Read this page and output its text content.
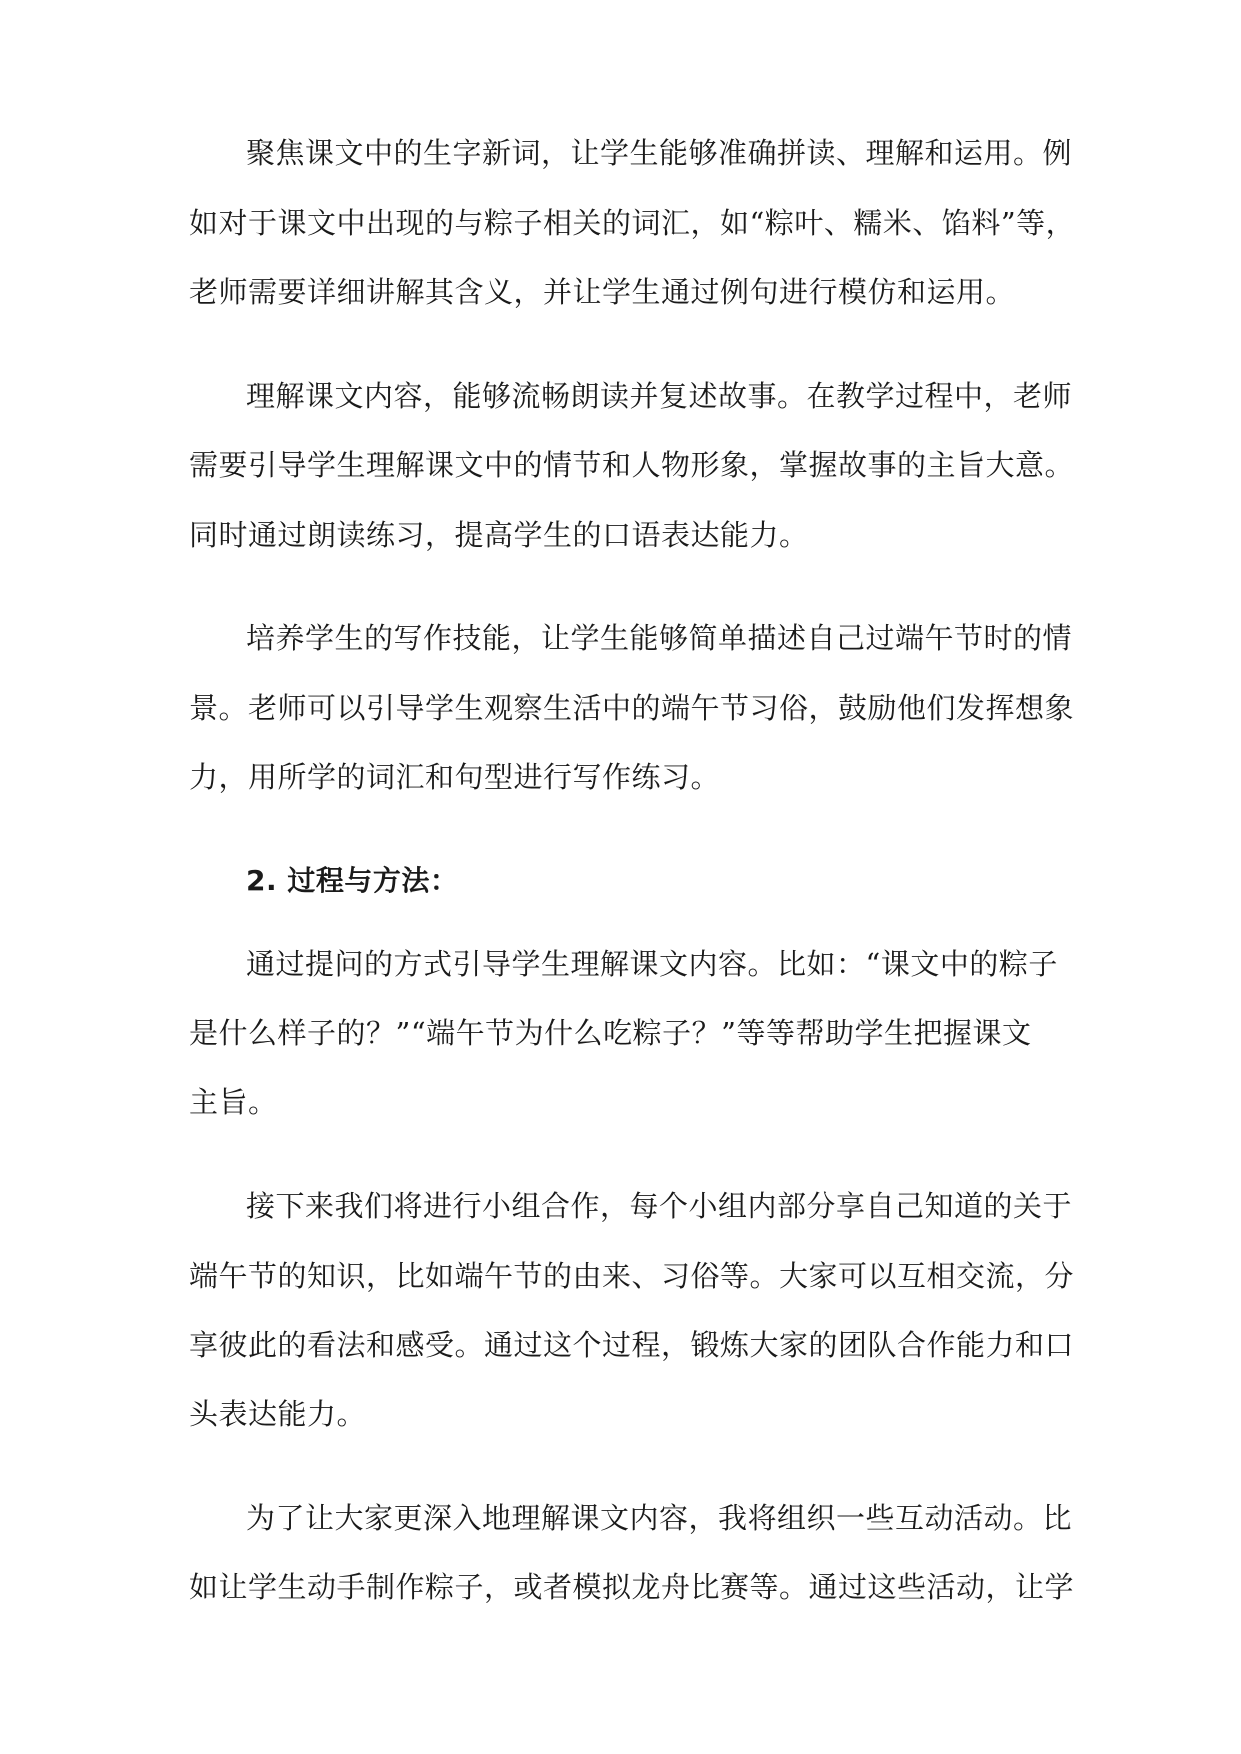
聚焦课文中的生字新词，让学生能够准确拼读、理解和运用。例
如对于课文中出现的与粽子相关的词汇，如“粽叶、糯米、馅料”等，
老师需要详细讲解其含义，并让学生通过例句进行模仿和运用。
理解课文内容，能够流畅朗读并复述故事。在教学过程中，老师
需要引导学生理解课文中的情节和人物形象，掌握故事的主旨大意。
同时通过朗读练习，提高学生的口语表达能力。
培养学生的写作技能，让学生能够简单描述自己过端午节时的情
景。老师可以引导学生观察生活中的端午节习俗，鼓励他们发挥想象
力，用所学的词汇和句型进行写作练习。
2. 过程与方法：
通过提问的方式引导学生理解课文内容。比如：“课文中的粽子
是什么样子的？”“端午节为什么吃粽子？”等等帮助学生把握课文
主旨。
接下来我们将进行小组合作，每个小组内部分享自己知道的关于
端午节的知识，比如端午节的由来、习俗等。大家可以互相交流，分
享彼此的看法和感受。通过这个过程，锻炼大家的团队合作能力和口
头表达能力。
为了让大家更深入地理解课文内容，我将组织一些互动活动。比
如让学生动手制作粽子，或者模拟龙舟比赛等。通过这些活动，让学
